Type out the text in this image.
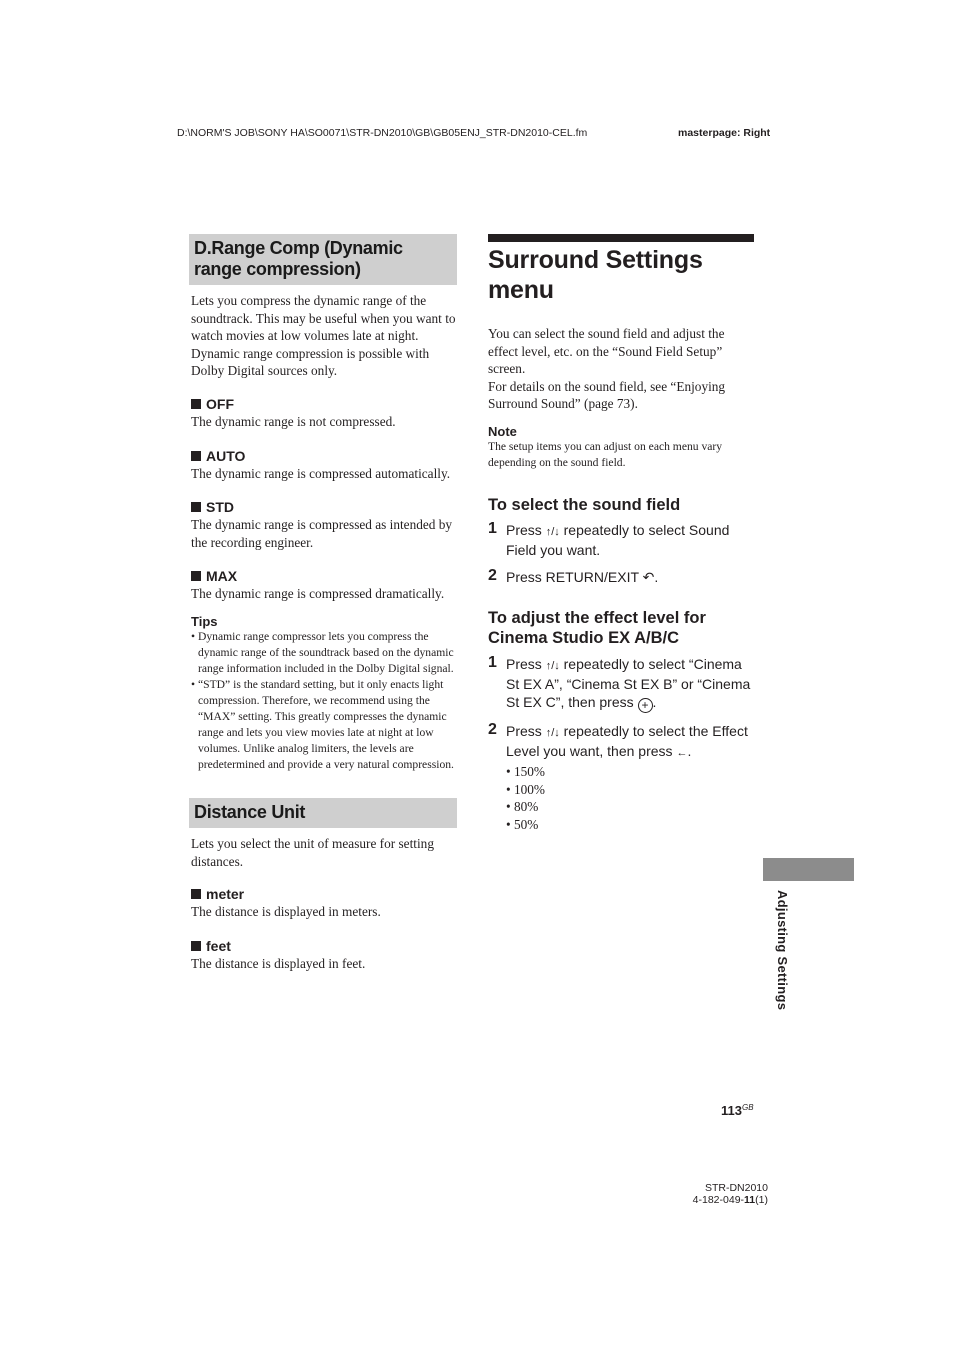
D:\NORM'S JOB\SONY HA\SO0071\STR-DN2010\GB\GB05ENJ_STR-DN2010-CEL.fm	masterpage: Right
D.Range Comp (Dynamic range compression)

Lets you compress the dynamic range of the soundtrack. This may be useful when you want to watch movies at low volumes late at night. Dynamic range compression is possible with Dolby Digital sources only.

OFF

The dynamic range is not compressed.

AUTO

The dynamic range is compressed automatically.

STD

The dynamic range is compressed as intended by the recording engineer.

MAX

The dynamic range is compressed dramatically.

Tips

• Dynamic range compressor lets you compress the dynamic range of the soundtrack based on the dynamic range information included in the Dolby Digital signal.
• “STD” is the standard setting, but it only enacts light compression. Therefore, we recommend using the “MAX” setting. This greatly compresses the dynamic range and lets you view movies late at night at low volumes. Unlike analog limiters, the levels are predetermined and provide a very natural compression.
Distance Unit

Lets you select the unit of measure for setting distances.

meter

The distance is displayed in meters.

feet

The distance is displayed in feet.

Surround Settings menu

You can select the sound field and adjust the effect level, etc. on the “Sound Field Setup” screen.

For details on the sound field, see “Enjoying Surround Sound” (page 73).

Note

The setup items you can adjust on each menu vary depending on the sound field.

To select the sound field

1 Press ↑/↓ repeatedly to select Sound Field you want.
2 Press RETURN/EXIT ↶.

To adjust the effect level for Cinema Studio EX A/B/C

1 Press ↑/↓ repeatedly to select “Cinema St EX A”, “Cinema St EX B” or “Cinema St EX C”, then press + .
2 Press ↑/↓ repeatedly to select the Effect Level you want, then press ←.
• 150%
• 100%
• 80%
• 50%
Adjusting Settings
$113^{GB}$
STR-DN2010
4-182-049-11(1)
